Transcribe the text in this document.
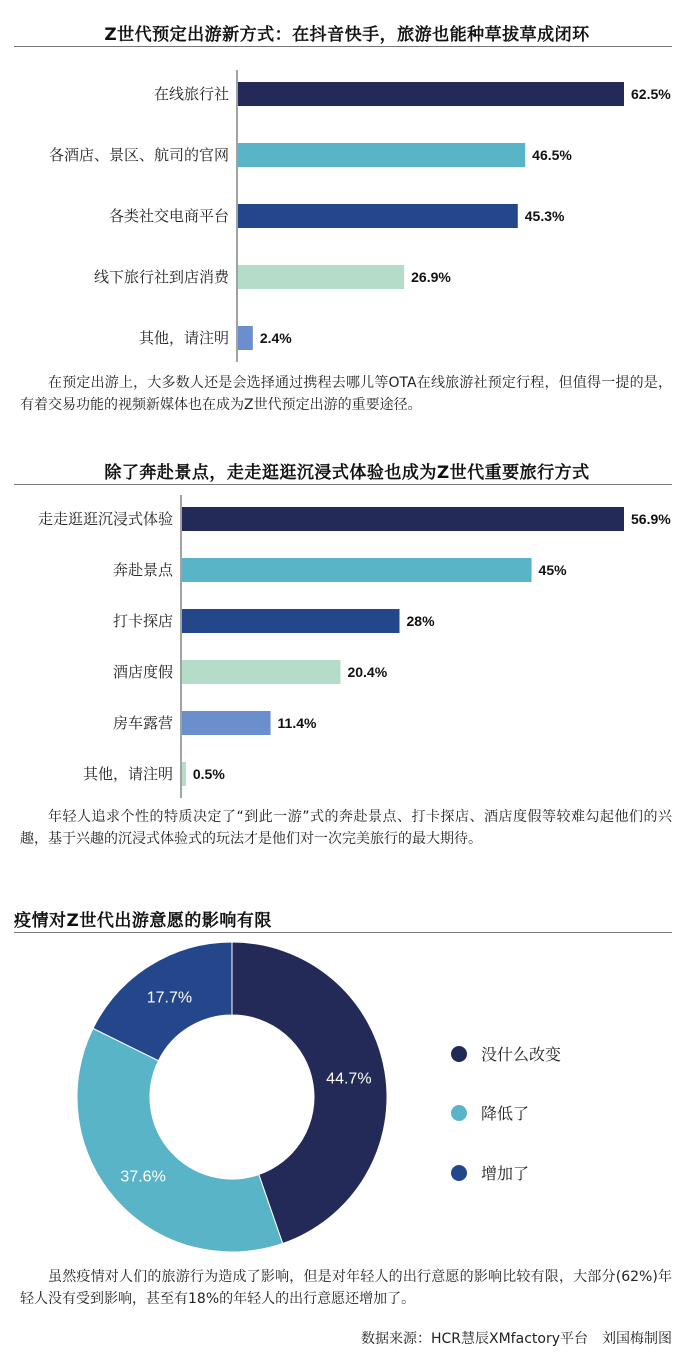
Z世代预定出游新方式：在抖音快手，旅游也能种草拔草成闭环
在线旅行社	62.5%
各酒店、景区、航司的官网	46.5%
各类社交电商平台	45.3%
线下旅行社到店消费	26.9%
其他，请注明 2.4%
在预定出游上，大多数人还是会选择通过携程去哪儿等OTA在线旅游社预定行程，但值得一提的是，有着交易功能的视频新媒体也在成为Z世代预定出游的重要途径。
除了奔赴景点，走走逛逛沉浸式体验也成为Z世代重要旅行方式
走走逛逛沉浸式体验	56.9%
奔赴景点	45%
打卡探店	28%
酒店度假	20.4%
房车露营	11.4%
其他，请注明 0.5%
年轻人追求个性的特质决定了“到此一游”式的奔赴景点、打卡探店、酒店度假等较难勾起他们的兴趣，基于兴趣的沉浸式体验式的玩法才是他们对一次完美旅行的最大期待。
疫情对Z世代出游意愿的影响有限
44.7%
37.6%
17.7%
没什么改变
降低了
增加了
虽然疫情对人们的旅游行为造成了影响，但是对年轻人的出行意愿的影响比较有限，大部分(62%)年轻人没有受到影响，甚至有18%的年轻人的出行意愿还增加了。
数据来源：HCR慧辰XMfactory平台　刘国梅制图
